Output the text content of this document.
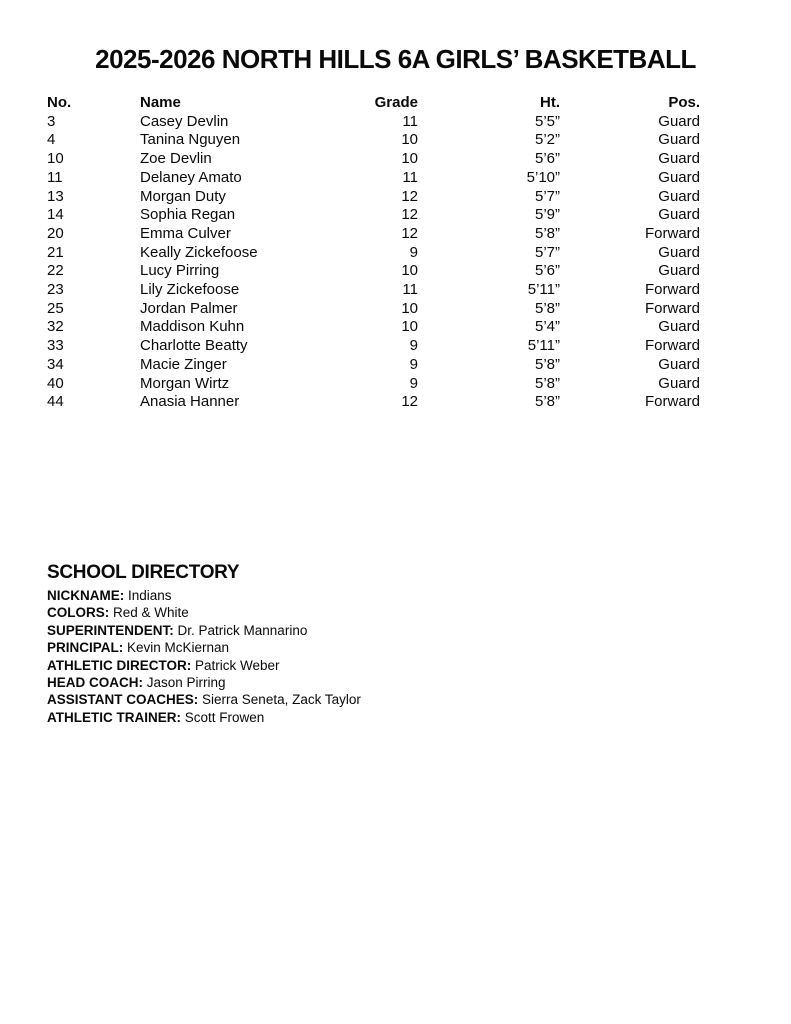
2025-2026 NORTH HILLS 6A GIRLS’ BASKETBALL
No.	Name	Grade	Ht.	Pos.
3	Casey Devlin	11	5’5”	Guard
4	Tanina Nguyen	10	5’2”	Guard
10	Zoe Devlin	10	5’6”	Guard
11	Delaney Amato	11	5’10”	Guard
13	Morgan Duty	12	5’7”	Guard
14	Sophia Regan	12	5’9”	Guard
20	Emma Culver	12	5’8”	Forward
21	Keally Zickefoose	9	5’7”	Guard
22	Lucy Pirring	10	5’6”	Guard
23	Lily Zickefoose	11	5’11”	Forward
25	Jordan Palmer	10	5’8”	Forward
32	Maddison Kuhn	10	5’4”	Guard
33	Charlotte Beatty	9	5’11”	Forward
34	Macie Zinger	9	5’8”	Guard
40	Morgan Wirtz	9	5’8”	Guard
44	Anasia Hanner	12	5’8”	Forward
SCHOOL DIRECTORY
NICKNAME: Indians
COLORS: Red & White
SUPERINTENDENT: Dr. Patrick Mannarino
PRINCIPAL: Kevin McKiernan
ATHLETIC DIRECTOR: Patrick Weber
HEAD COACH: Jason Pirring
ASSISTANT COACHES: Sierra Seneta, Zack Taylor
ATHLETIC TRAINER: Scott Frowen
